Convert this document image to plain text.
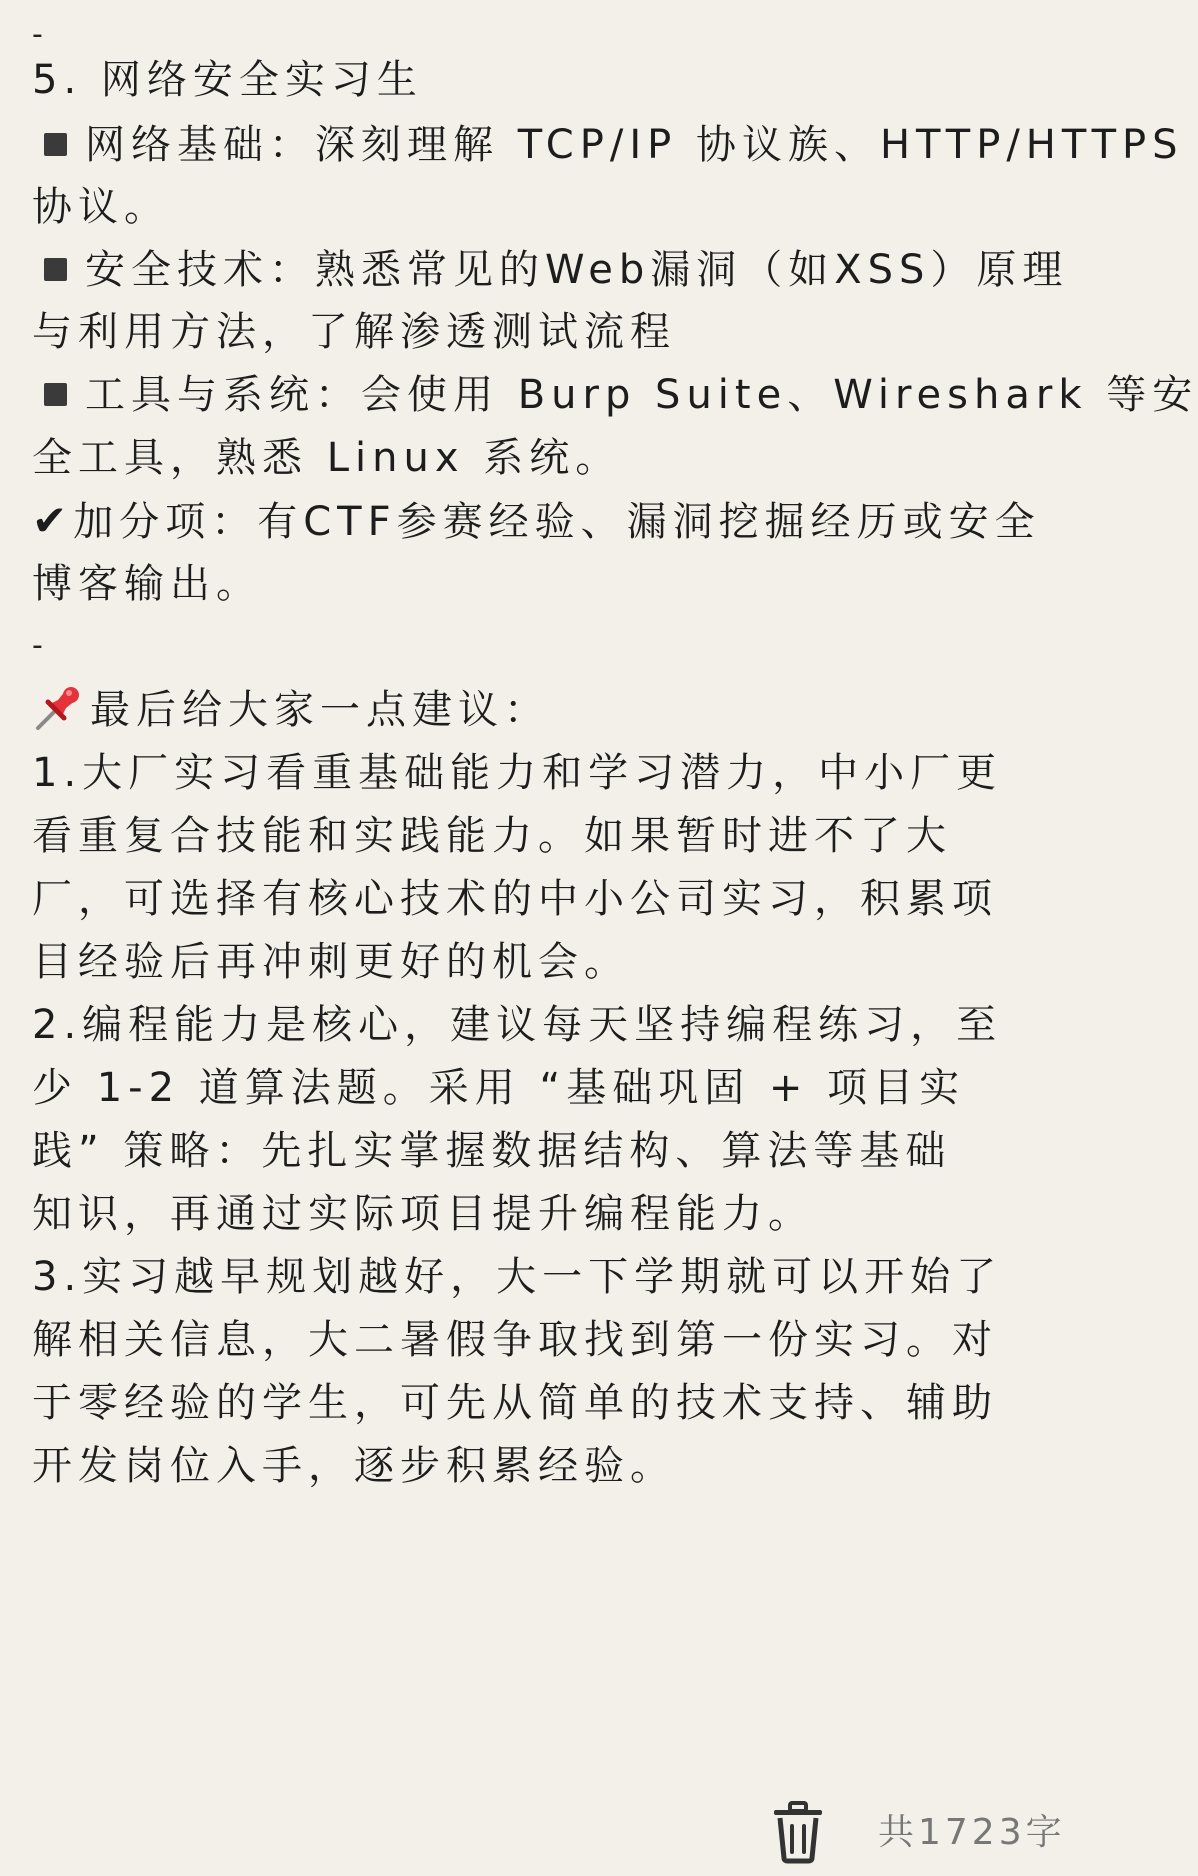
-
5. 网络安全实习生
网络基础：深刻理解 TCP/IP 协议族、HTTP/HTTPS
协议。
安全技术：熟悉常见的Web漏洞（如XSS）原理
与利用方法，了解渗透测试流程
工具与系统：会使用 Burp Suite、Wireshark 等安
全工具，熟悉 Linux 系统。
✔ 加分项：有CTF参赛经验、漏洞挖掘经历或安全
博客输出。
-
最后给大家一点建议：
1.大厂实习看重基础能力和学习潜力，中小厂更
看重复合技能和实践能力。如果暂时进不了大
厂，可选择有核心技术的中小公司实习，积累项
目经验后再冲刺更好的机会。
2.编程能力是核心，建议每天坚持编程练习，至
少 1-2 道算法题。采用 “基础巩固 + 项目实
践” 策略：先扎实掌握数据结构、算法等基础
知识，再通过实际项目提升编程能力。
3.实习越早规划越好，大一下学期就可以开始了
解相关信息，大二暑假争取找到第一份实习。对
于零经验的学生，可先从简单的技术支持、辅助
开发岗位入手，逐步积累经验。
共1723字
